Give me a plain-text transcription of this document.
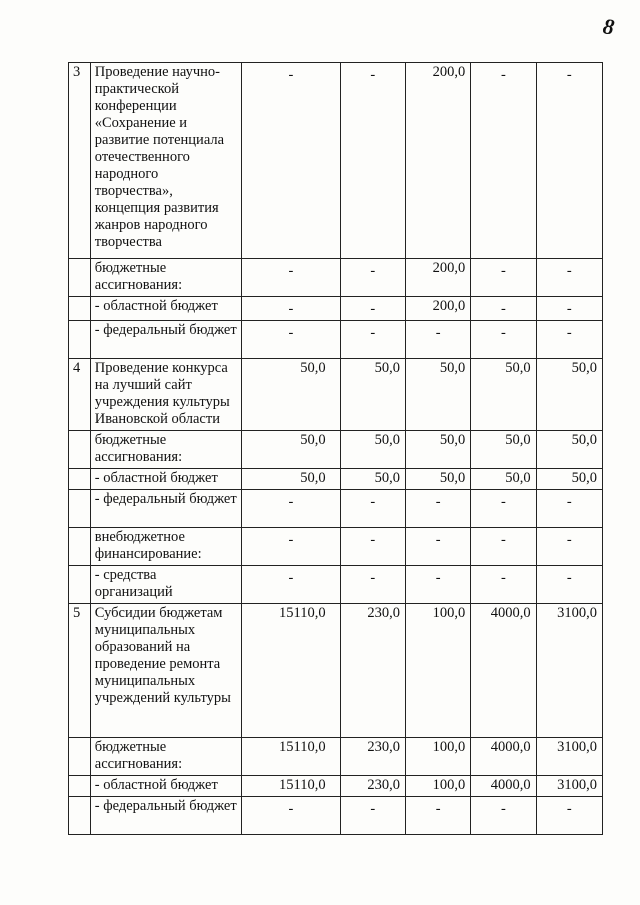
8
3	Проведение научно-практической конференции «Сохранение и развитие потенциала отечественного народного творчества», концепция развития жанров народного творчества	-	-	200,0	-	-
	бюджетные ассигнования:	-	-	200,0	-	-
	- областной бюджет	-	-	200,0	-	-
	- федеральный бюджет	-	-	-	-	-
4	Проведение конкурса на лучший сайт учреждения культуры Ивановской области	50,0	50,0	50,0	50,0	50,0
	бюджетные ассигнования:	50,0	50,0	50,0	50,0	50,0
	- областной бюджет	50,0	50,0	50,0	50,0	50,0
	- федеральный бюджет	-	-	-	-	-
	внебюджетное финансирование:	-	-	-	-	-
	- средства организаций	-	-	-	-	-
5	Субсидии бюджетам муниципальных образований на проведение ремонта муниципальных учреждений культуры	15110,0	230,0	100,0	4000,0	3100,0
	бюджетные ассигнования:	15110,0	230,0	100,0	4000,0	3100,0
	- областной бюджет	15110,0	230,0	100,0	4000,0	3100,0
	- федеральный бюджет	-	-	-	-	-
